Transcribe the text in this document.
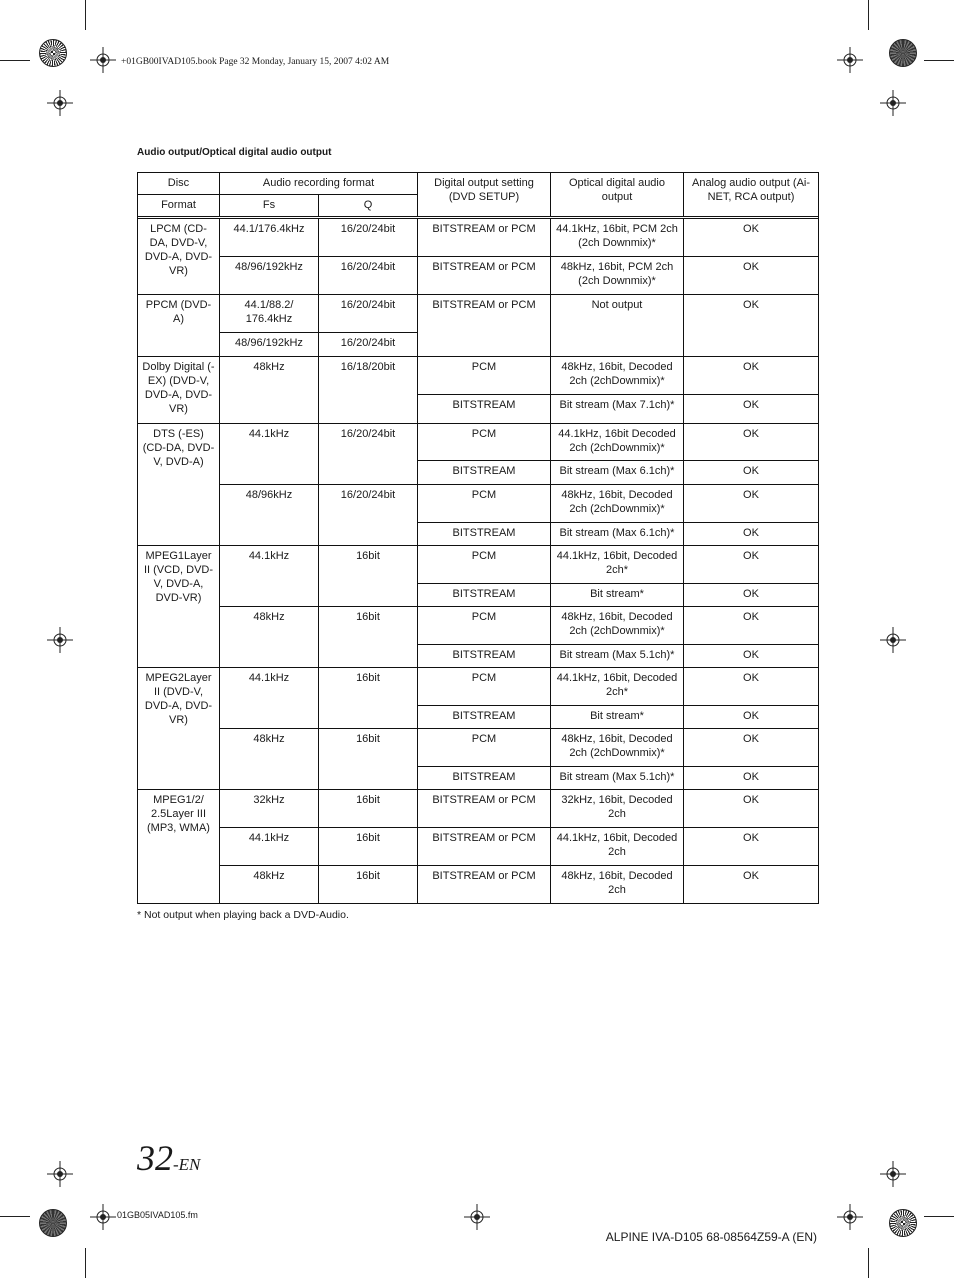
+01GB00IVAD105.book Page 32 Monday, January 15, 2007 4:02 AM
Audio output/Optical digital audio output
Disc	Audio recording format		Digital output setting (DVD SETUP)	Optical digital audio output	Analog audio output (Ai-NET, RCA output)
Format	Fs	Q			

LPCM (CD-DA, DVD-V, DVD-A, DVD-VR)	44.1/176.4kHz	16/20/24bit	BITSTREAM or PCM	44.1kHz, 16bit, PCM 2ch (2ch Downmix)*	OK
	48/96/192kHz	16/20/24bit	BITSTREAM or PCM	48kHz, 16bit, PCM 2ch (2ch Downmix)*	OK
PPCM (DVD-A)	44.1/88.2/ 176.4kHz	16/20/24bit	BITSTREAM or PCM	Not output	OK
	48/96/192kHz	16/20/24bit			
Dolby Digital (-EX) (DVD-V, DVD-A, DVD-VR)	48kHz	16/18/20bit	PCM	48kHz, 16bit, Decoded 2ch (2chDownmix)*	OK
			BITSTREAM	Bit stream (Max 7.1ch)*	OK
DTS (-ES) (CD-DA, DVD-V, DVD-A)	44.1kHz	16/20/24bit	PCM	44.1kHz, 16bit Decoded 2ch (2chDownmix)*	OK
			BITSTREAM	Bit stream (Max 6.1ch)*	OK
	48/96kHz	16/20/24bit	PCM	48kHz, 16bit, Decoded 2ch (2chDownmix)*	OK
			BITSTREAM	Bit stream (Max 6.1ch)*	OK
MPEG1Layer II (VCD, DVD-V, DVD-A, DVD-VR)	44.1kHz	16bit	PCM	44.1kHz, 16bit, Decoded 2ch*	OK
			BITSTREAM	Bit stream*	OK
	48kHz	16bit	PCM	48kHz, 16bit, Decoded 2ch (2chDownmix)*	OK
			BITSTREAM	Bit stream (Max 5.1ch)*	OK
MPEG2Layer II (DVD-V, DVD-A, DVD-VR)	44.1kHz	16bit	PCM	44.1kHz, 16bit, Decoded 2ch*	OK
			BITSTREAM	Bit stream*	OK
	48kHz	16bit	PCM	48kHz, 16bit, Decoded 2ch (2chDownmix)*	OK
			BITSTREAM	Bit stream (Max 5.1ch)*	OK
MPEG1/2/ 2.5Layer III (MP3, WMA)	32kHz	16bit	BITSTREAM or PCM	32kHz, 16bit, Decoded 2ch	OK
	44.1kHz	16bit	BITSTREAM or PCM	44.1kHz, 16bit, Decoded 2ch	OK
	48kHz	16bit	BITSTREAM or PCM	48kHz, 16bit, Decoded 2ch	OK
* Not output when playing back a DVD-Audio.
32-EN
01GB05IVAD105.fm
ALPINE IVA-D105 68-08564Z59-A (EN)
